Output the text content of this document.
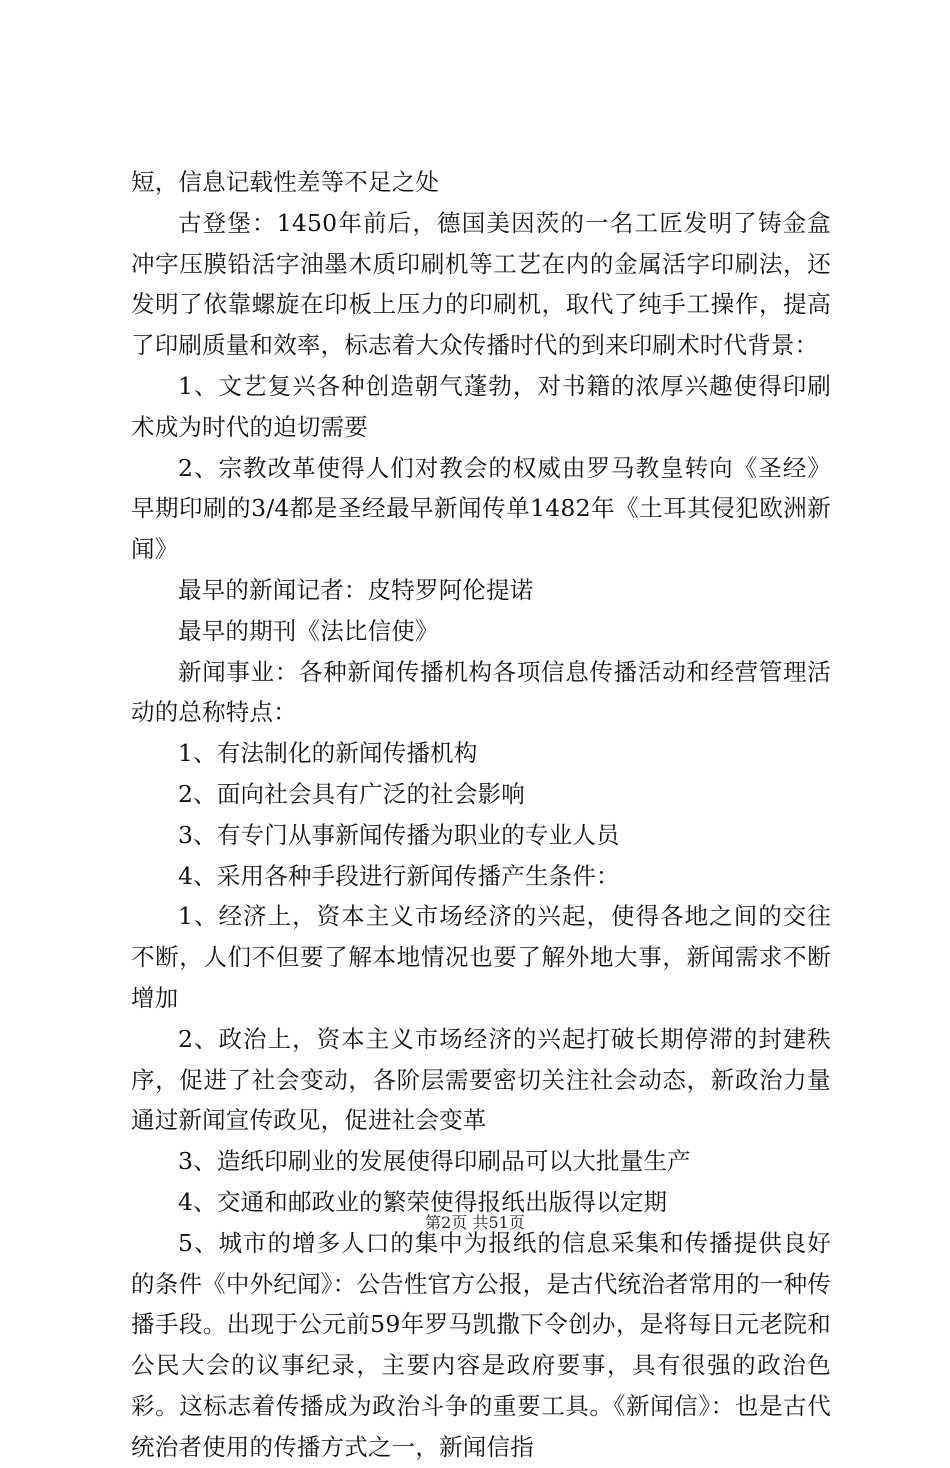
短，信息记载性差等不足之处

古登堡：1450年前后，德国美因茨的一名工匠发明了铸金盒冲字压膜铅活字油墨木质印刷机等工艺在内的金属活字印刷法，还发明了依靠螺旋在印板上压力的印刷机，取代了纯手工操作，提高了印刷质量和效率，标志着大众传播时代的到来印刷术时代背景：

1、文艺复兴各种创造朝气蓬勃，对书籍的浓厚兴趣使得印刷术成为时代的迫切需要

2、宗教改革使得人们对教会的权威由罗马教皇转向《圣经》早期印刷的3/4都是圣经最早新闻传单1482年《土耳其侵犯欧洲新闻》

最早的新闻记者：皮特罗阿伦提诺

最早的期刊《法比信使》

新闻事业：各种新闻传播机构各项信息传播活动和经营管理活动的总称特点：

1、有法制化的新闻传播机构

2、面向社会具有广泛的社会影响

3、有专门从事新闻传播为职业的专业人员

4、采用各种手段进行新闻传播产生条件：

1、经济上，资本主义市场经济的兴起，使得各地之间的交往不断，人们不但要了解本地情况也要了解外地大事，新闻需求不断增加

2、政治上，资本主义市场经济的兴起打破长期停滞的封建秩序，促进了社会变动，各阶层需要密切关注社会动态，新政治力量通过新闻宣传政见，促进社会变革

3、造纸印刷业的发展使得印刷品可以大批量生产

4、交通和邮政业的繁荣使得报纸出版得以定期

5、城市的增多人口的集中为报纸的信息采集和传播提供良好的条件《中外纪闻》：公告性官方公报，是古代统治者常用的一种传播手段。出现于公元前59年罗马凯撒下令创办，是将每日元老院和公民大会的议事纪录，主要内容是政府要事，具有很强的政治色彩。这标志着传播成为政治斗争的重要工具。《新闻信》：也是古代统治者使用的传播方式之一，新闻信指

第2页 共51页
